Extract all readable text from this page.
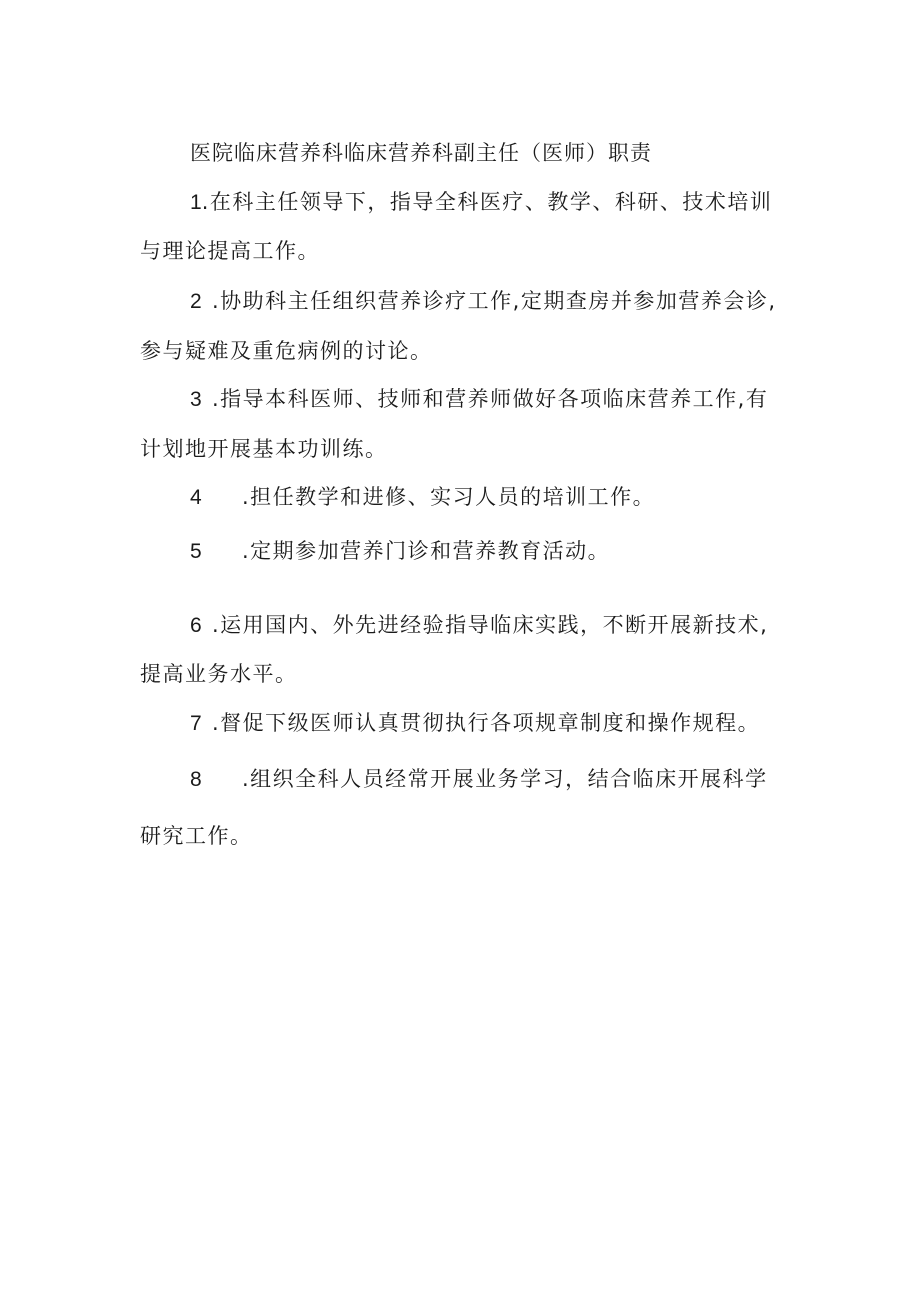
医院临床营养科临床营养科副主任（医师）职责
1.在科主任领导下，指导全科医疗、教学、科研、技术培训
与理论提高工作。
2 .协助科主任组织营养诊疗工作,定期查房并参加营养会诊,
参与疑难及重危病例的讨论。
3 .指导本科医师、技师和营养师做好各项临床营养工作,有
计划地开展基本功训练。
4 .担任教学和进修、实习人员的培训工作。
5 .定期参加营养门诊和营养教育活动。
6 .运用国内、外先进经验指导临床实践，不断开展新技术,
提高业务水平。
7 .督促下级医师认真贯彻执行各项规章制度和操作规程。
8 .组织全科人员经常开展业务学习，结合临床开展科学
研究工作。
